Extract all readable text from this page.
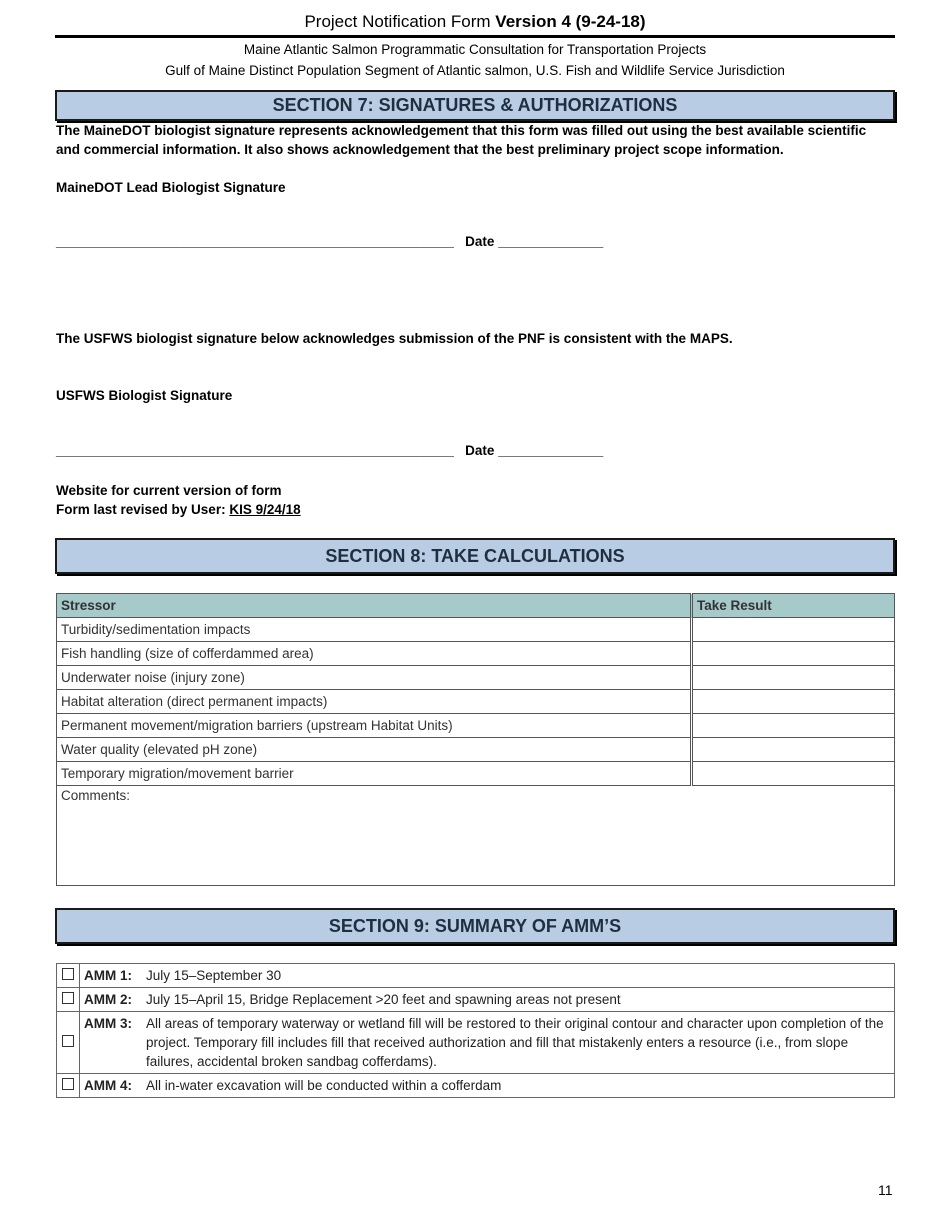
Project Notification Form Version 4 (9-24-18)
Maine Atlantic Salmon Programmatic Consultation for Transportation Projects
Gulf of Maine Distinct Population Segment of Atlantic salmon, U.S. Fish and Wildlife Service Jurisdiction
SECTION 7: SIGNATURES & AUTHORIZATIONS
The MaineDOT biologist signature represents acknowledgement that this form was filled out using the best available scientific
and commercial information. It also shows acknowledgement that the best preliminary project scope information.
MaineDOT Lead Biologist Signature
_____________________________________________________   Date ______________
The USFWS biologist signature below acknowledges submission of the PNF is consistent with the MAPS.
USFWS Biologist Signature
_____________________________________________________   Date ______________
Website for current version of form
Form last revised by User: KIS 9/24/18
SECTION 8: TAKE CALCULATIONS
Stressor	Take Result
Turbidity/sedimentation impacts	
Fish handling (size of cofferdammed area)	
Underwater noise (injury zone)	
Habitat alteration (direct permanent impacts)	
Permanent movement/migration barriers (upstream Habitat Units)	
Water quality (elevated pH zone)	
Temporary migration/movement barrier	
Comments:	
SECTION 9: SUMMARY OF AMM’S
	AMM 1:	July 15–September 30
	AMM 2:	July 15–April 15, Bridge Replacement >20 feet and spawning areas not present
	AMM 3:	All areas of temporary waterway or wetland fill will be restored to their original contour and character upon completion of the project. Temporary fill includes fill that received authorization and fill that mistakenly enters a resource (i.e., from slope failures, accidental broken sandbag cofferdams).
	AMM 4:	All in-water excavation will be conducted within a cofferdam
11
